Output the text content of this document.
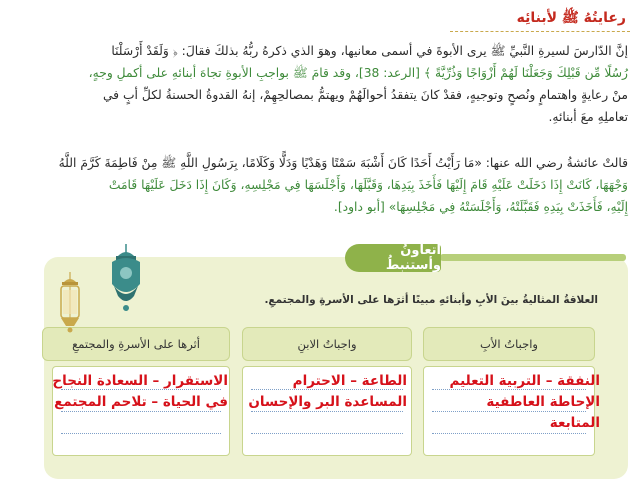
رعايتُهُ ﷺ لأبنائِه
إنَّ الدّارسَ لسيرةِ النَّبيِّ ﷺ يرى الأبوةَ في أسمى معانيها، وهوَ الذي ذكرهُ ربُّهُ بذلكَ فقالَ: ﴿ وَلَقَدْ أَرْسَلْنَا
رُسُلًا مِّن قَبْلِكَ وَجَعَلْنَا لَهُمْ أَزْوَاجًا وَذُرِّيَّةً ﴾ [الرعد: 38]، وقد قامَ ﷺ بواجبِ الأبوةِ تجاهَ أبنائهِ على أكملِ وجهٍ،
منْ رعايةٍ واهتمامٍ ونُصحٍ وتوجيهٍ، فقدْ كانَ يتفقدُ أحوالَهُمْ ويهتمُّ بمصالحِهِمْ، إنهُ القدوةُ الحسنةُ لكلِّ أبٍ في
تعاملِهِ معَ أبنائهِ.
قالتْ عائشةُ رضي الله عنها: «مَا رَأَيْتُ أَحَدًا كَانَ أَشْبَهَ سَمْتًا وَهَدْيًا وَدَلًّا وَكَلَامًا، بِرَسُولِ اللَّهِ ﷺ مِنْ فَاطِمَةَ كَرَّمَ اللَّهُ
وَجْهَهَا، كَانَتْ إِذَا دَخَلَتْ عَلَيْهِ قَامَ إِلَيْهَا فَأَخَذَ بِيَدِهَا، وَقَبَّلَهَا، وَأَجْلَسَهَا فِي مَجْلِسِهِ، وَكَانَ إِذَا دَخَلَ عَلَيْهَا قَامَتْ
إِلَيْهِ، فَأَخَذَتْ بِيَدِهِ فَقَبَّلَتْهُ، وَأَجْلَسَتْهُ فِي مَجْلِسِهَا» [أبو داود].
أتعاونُ وأستنبطُ
العلاقةُ المثاليةُ بينَ الأبِ وأبنائهِ مبينًا أثرَها على الأسرةِ والمجتمعِ.
واجباتُ الأبِ
واجباتُ الابنِ
أثرها على الأسرةِ والمجتمعِ
النفقة – التربية التعليم
الإحاطة العاطفية
المتابعة
الطاعة – الاحترام
المساعدة البر والإحسان
الاستقرار – السعادة النجاح
في الحياة – تلاحم المجتمع
